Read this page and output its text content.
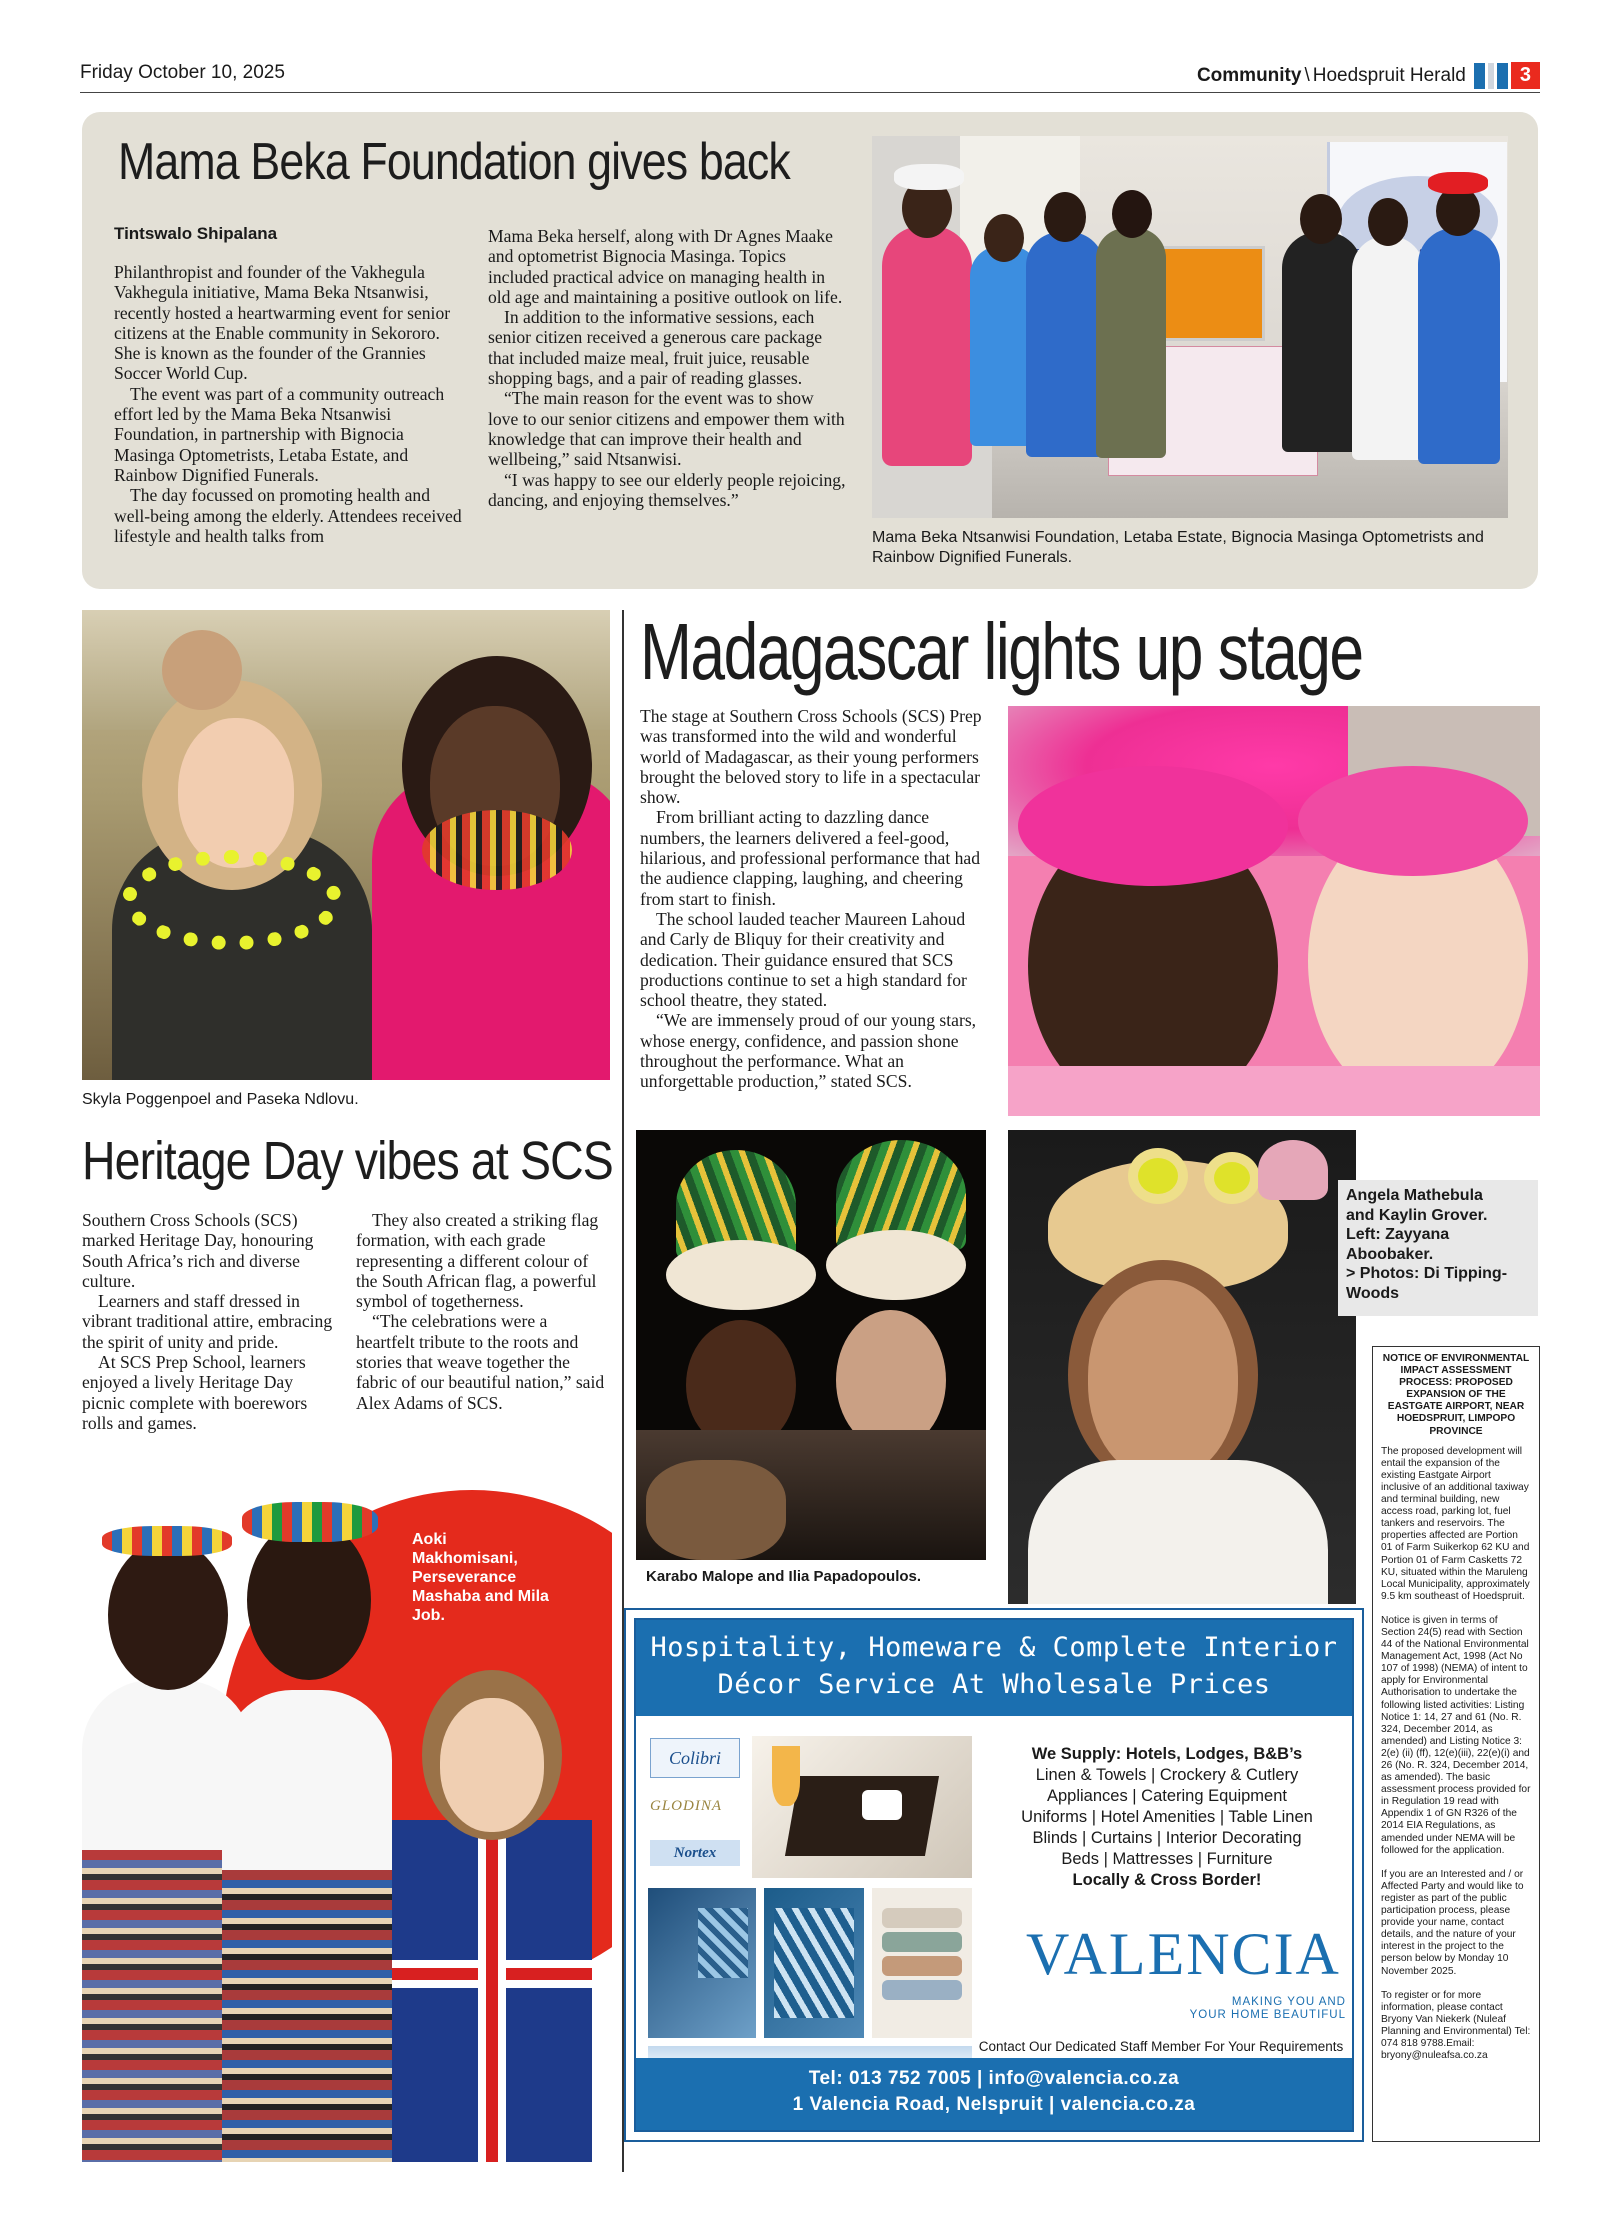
Friday October 10, 2025	Community \ Hoedspruit Herald	3
Mama Beka Foundation gives back
Tintswalo Shipalana

Philanthropist and founder of the Vakhegula Vakhegula initiative, Mama Beka Ntsanwisi, recently hosted a heartwarming event for senior citizens at the Enable community in Sekororo.

She is known as the founder of the Grannies Soccer World Cup.

The event was part of a community outreach effort led by the Mama Beka Ntsanwisi Foundation, in partnership with Bignocia Masinga Optometrists, Letaba Estate, and Rainbow Dignified Funerals.

The day focussed on promoting health and well-being among the elderly. Attendees received lifestyle and health talks from

Mama Beka herself, along with Dr Agnes Maake and optometrist Bignocia Masinga. Topics included practical advice on managing health in old age and maintaining a positive outlook on life.

In addition to the informative sessions, each senior citizen received a generous care package that included maize meal, fruit juice, reusable shopping bags, and a pair of reading glasses.

“The main reason for the event was to show love to our senior citizens and empower them with knowledge that can improve their health and wellbeing,” said Ntsanwisi.

“I was happy to see our elderly people rejoicing, dancing, and enjoying themselves.”

Mama Beka Ntsanwisi Foundation, Letaba Estate, Bignocia Masinga Optometrists and Rainbow Dignified Funerals.
Skyla Poggenpoel and Paseka Ndlovu.
Heritage Day vibes at SCS

Southern Cross Schools (SCS) marked Heritage Day, honouring South Africa’s rich and diverse culture.

Learners and staff dressed in vibrant traditional attire, embracing the spirit of unity and pride.

At SCS Prep School, learners enjoyed a lively Heritage Day picnic complete with boerewors rolls and games.

They also created a striking flag formation, with each grade representing a different colour of the South African flag, a powerful symbol of togetherness.

“The celebrations were a heartfelt tribute to the roots and stories that weave together the fabric of our beautiful nation,” said Alex Adams of SCS.

Aoki Makhomisani, Perseverance Mashaba and Mila Job.
Madagascar lights up stage

The stage at Southern Cross Schools (SCS) Prep was transformed into the wild and wonderful world of Madagascar, as their young performers brought the beloved story to life in a spectacular show.

From brilliant acting to dazzling dance numbers, the learners delivered a feel-good, hilarious, and professional performance that had the audience clapping, laughing, and cheering from start to finish.

The school lauded teacher Maureen Lahoud and Carly de Bliquy for their creativity and dedication. Their guidance ensured that SCS productions continue to set a high standard for school theatre, they stated.

“We are immensely proud of our young stars, whose energy, confidence, and passion shone throughout the performance. What an unforgettable production,” stated SCS.

Karabo Malope and Ilia Papadopoulos.
Angela Mathebula
and Kaylin Grover.
Left: Zayyana
Aboobaker.
> Photos: Di Tipping-
Woods
Hospitality, Homeware & Complete Interior
Décor Service At Wholesale Prices
Colibri
GLODINA
Nortex
We Supply: Hotels, Lodges, B&B’s
Linen & Towels | Crockery & Cutlery
Appliances | Catering Equipment
Uniforms | Hotel Amenities | Table Linen
Blinds | Curtains | Interior Decorating
Beds | Mattresses | Furniture
Locally & Cross Border!
VALENCIA
MAKING YOU AND
YOUR HOME BEAUTIFUL
Contact Our Dedicated Staff Member For Your Requirements
Tel: 013 752 7005 | info@valencia.co.za
1 Valencia Road, Nelspruit | valencia.co.za
NOTICE OF ENVIRONMENTAL IMPACT ASSESSMENT PROCESS: PROPOSED EXPANSION OF THE EASTGATE AIRPORT, NEAR HOEDSPRUIT, LIMPOPO PROVINCE

The proposed development will entail the expansion of the existing Eastgate Airport inclusive of an additional taxiway and terminal building, new access road, parking lot, fuel tankers and reservoirs. The properties affected are Portion 01 of Farm Suikerkop 62 KU and Portion 01 of Farm Casketts 72 KU, situated within the Maruleng Local Municipality, approximately 9.5 km southeast of Hoedspruit.

Notice is given in terms of Section 24(5) read with Section 44 of the National Environmental Management Act, 1998 (Act No 107 of 1998) (NEMA) of intent to apply for Environmental Authorisation to undertake the following listed activities: Listing Notice 1: 14, 27 and 61 (No. R. 324, December 2014, as amended) and Listing Notice 3: 2(e) (ii) (ff), 12(e)(iii), 22(e)(i) and 26 (No. R. 324, December 2014, as amended). The basic assessment process provided for in Regulation 19 read with Appendix 1 of GN R326 of the 2014 EIA Regulations, as amended under NEMA will be followed for the application.

If you are an Interested and / or Affected Party and would like to register as part of the public participation process, please provide your name, contact details, and the nature of your interest in the project to the person below by Monday 10 November 2025.

To register or for more information, please contact Bryony Van Niekerk (Nuleaf Planning and Environmental) Tel: 074 818 9788.Email: bryony@nuleafsa.co.za
